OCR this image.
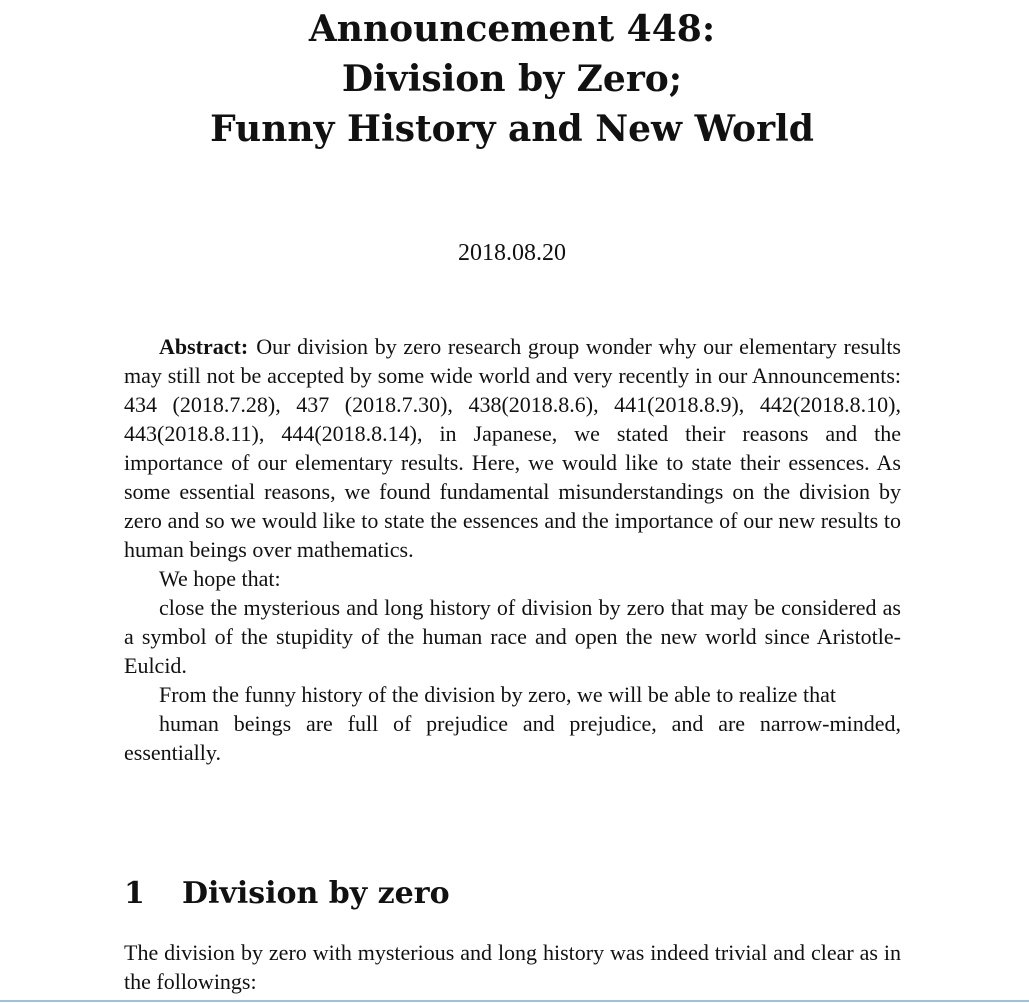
Announcement 448:
Division by Zero;
Funny History and New World
2018.08.20

Abstract: Our division by zero research group wonder why our elementary results may still not be accepted by some wide world and very recently in our Announcements: 434 (2018.7.28), 437 (2018.7.30), 438(2018.8.6), 441(2018.8.9), 442(2018.8.10), 443(2018.8.11), 444(2018.8.14), in Japanese, we stated their reasons and the importance of our elementary results. Here, we would like to state their essences. As some essential reasons, we found fundamental misunderstandings on the division by zero and so we would like to state the essences and the importance of our new results to human beings over mathematics.

We hope that:

close the mysterious and long history of division by zero that may be considered as a symbol of the stupidity of the human race and open the new world since Aristotle-Eulcid.

From the funny history of the division by zero, we will be able to realize that

human beings are full of prejudice and prejudice, and are narrow-minded, essentially.

1 Division by zero

The division by zero with mysterious and long history was indeed trivial and clear as in the followings:
